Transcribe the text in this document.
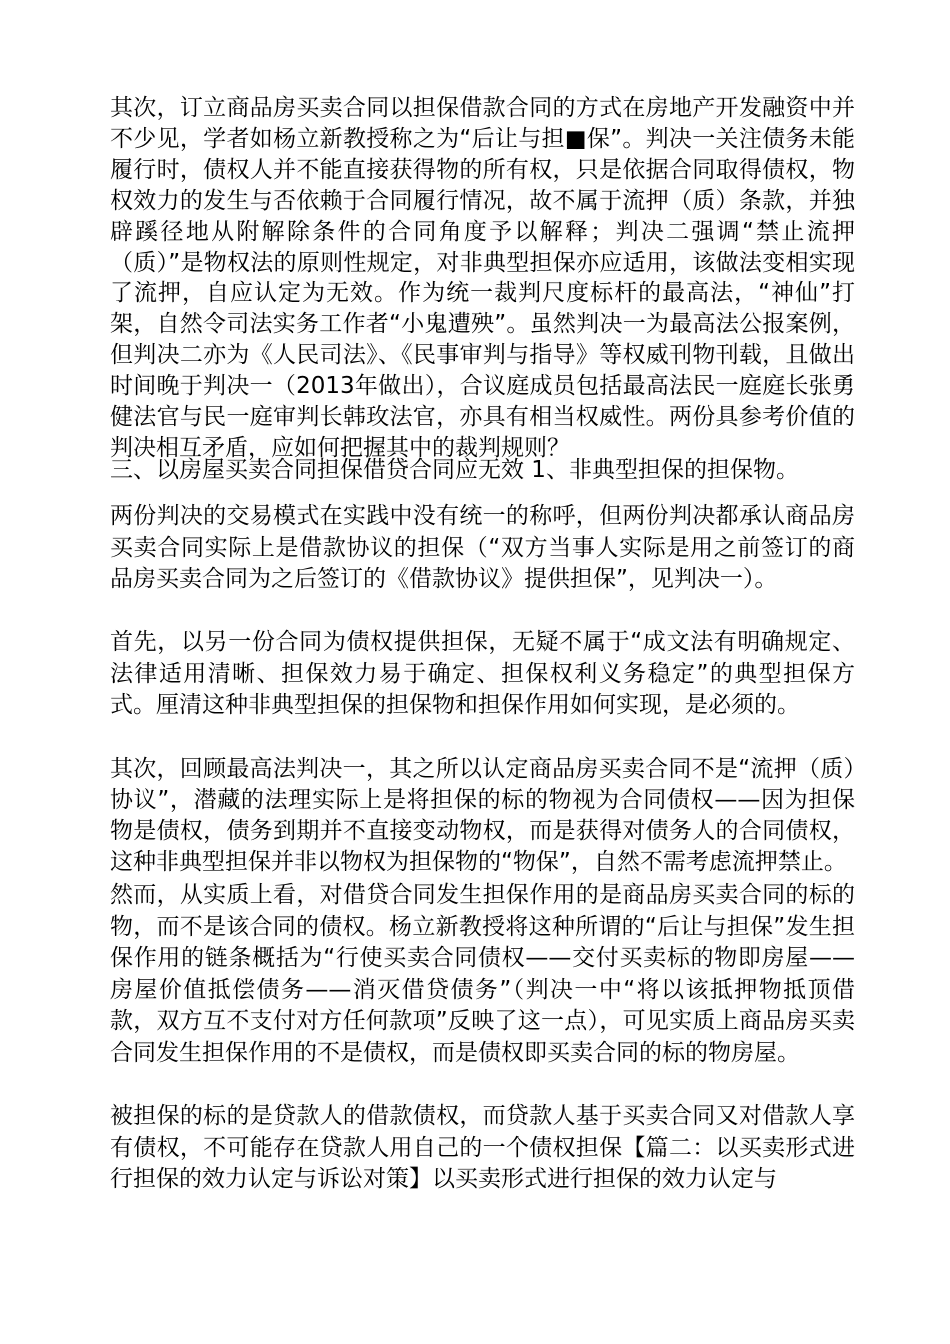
其次，订立商品房买卖合同以担保借款合同的方式在房地产开发融资中并不少见，学者如杨立新教授称之为“后让与担■保”。判决一关注债务未能履行时，债权人并不能直接获得物的所有权，只是依据合同取得债权，物权效力的发生与否依赖于合同履行情况，故不属于流押（质）条款，并独辟蹊径地从附解除条件的合同角度予以解释；判决二强调“禁止流押（质）”是物权法的原则性规定，对非典型担保亦应适用，该做法变相实现了流押，自应认定为无效。作为统一裁判尺度标杆的最高法，“神仙”打架，自然令司法实务工作者“小鬼遭殃”。虽然判决一为最高法公报案例，但判决二亦为《人民司法》、《民事审判与指导》等权威刊物刊载，且做出时间晚于判决一（2013年做出），合议庭成员包括最高法民一庭庭长张勇健法官与民一庭审判长韩玫法官，亦具有相当权威性。两份具参考价值的判决相互矛盾，应如何把握其中的裁判规则？

三、以房屋买卖合同担保借贷合同应无效 1、非典型担保的担保物。

两份判决的交易模式在实践中没有统一的称呼，但两份判决都承认商品房买卖合同实际上是借款协议的担保（“双方当事人实际是用之前签订的商品房买卖合同为之后签订的《借款协议》提供担保”，见判决一）。

首先，以另一份合同为债权提供担保，无疑不属于“成文法有明确规定、法律适用清晰、担保效力易于确定、担保权利义务稳定”的典型担保方式。厘清这种非典型担保的担保物和担保作用如何实现，是必须的。

其次，回顾最高法判决一，其之所以认定商品房买卖合同不是“流押（质）协议”，潜藏的法理实际上是将担保的标的物视为合同债权——因为担保物是债权，债务到期并不直接变动物权，而是获得对债务人的合同债权，这种非典型担保并非以物权为担保物的“物保”，自然不需考虑流押禁止。

然而，从实质上看，对借贷合同发生担保作用的是商品房买卖合同的标的物，而不是该合同的债权。杨立新教授将这种所谓的“后让与担保”发生担保作用的链条概括为“行使买卖合同债权——交付买卖标的物即房屋——房屋价值抵偿债务——消灭借贷债务”（判决一中“将以该抵押物抵顶借款，双方互不支付对方任何款项”反映了这一点），可见实质上商品房买卖合同发生担保作用的不是债权，而是债权即买卖合同的标的物房屋。

被担保的标的是贷款人的借款债权，而贷款人基于买卖合同又对借款人享有债权，不可能存在贷款人用自己的一个债权担保【篇二：以买卖形式进行担保的效力认定与诉讼对策】以买卖形式进行担保的效力认定与
